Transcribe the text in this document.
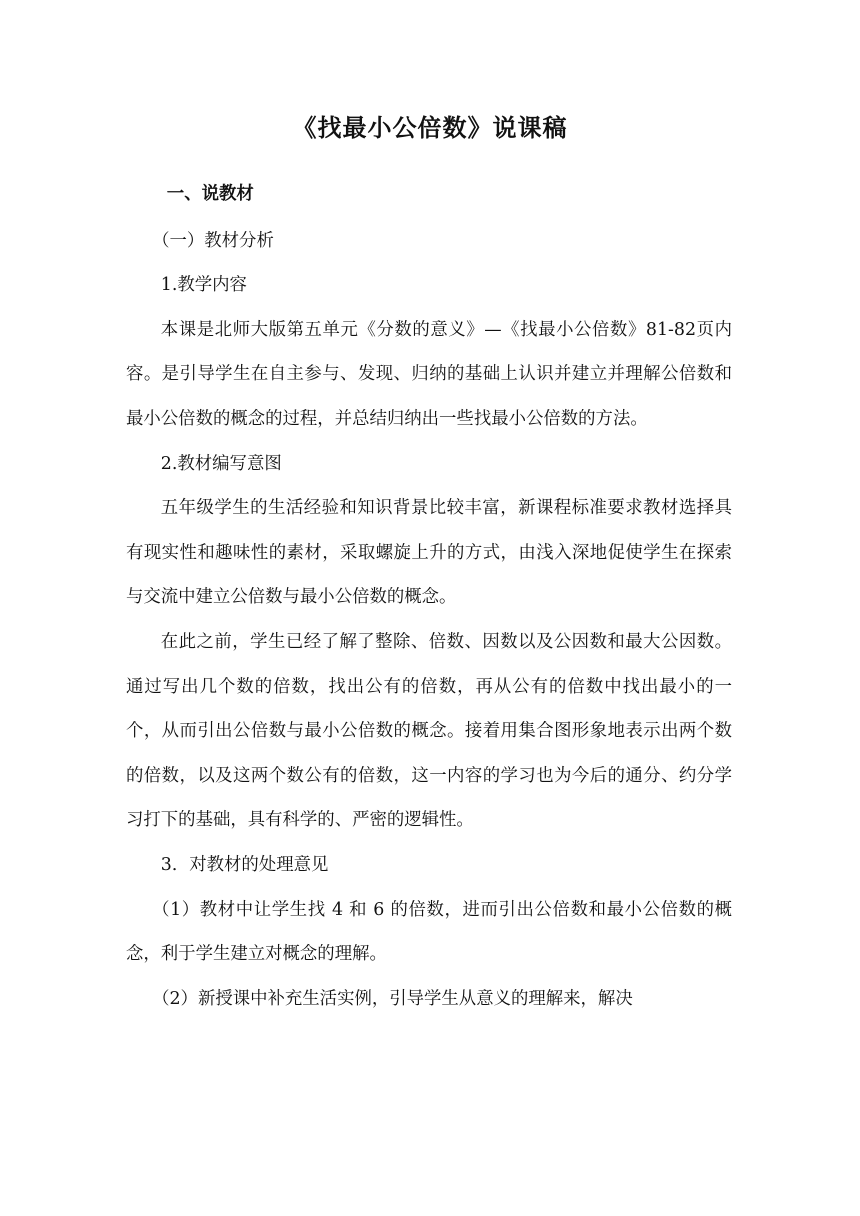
《找最小公倍数》说课稿

一、说教材

（一）教材分析

1.教学内容

本课是北师大版第五单元《分数的意义》—《找最小公倍数》81-82页内容。是引导学生在自主参与、发现、归纳的基础上认识并建立并理解公倍数和最小公倍数的概念的过程，并总结归纳出一些找最小公倍数的方法。

2.教材编写意图

五年级学生的生活经验和知识背景比较丰富，新课程标准要求教材选择具有现实性和趣味性的素材，采取螺旋上升的方式，由浅入深地促使学生在探索与交流中建立公倍数与最小公倍数的概念。

在此之前，学生已经了解了整除、倍数、因数以及公因数和最大公因数。通过写出几个数的倍数，找出公有的倍数，再从公有的倍数中找出最小的一个，从而引出公倍数与最小公倍数的概念。接着用集合图形象地表示出两个数的倍数，以及这两个数公有的倍数，这一内容的学习也为今后的通分、约分学习打下的基础，具有科学的、严密的逻辑性。

3．对教材的处理意见

（1）教材中让学生找 4 和 6 的倍数，进而引出公倍数和最小公倍数的概念，利于学生建立对概念的理解。

（2）新授课中补充生活实例，引导学生从意义的理解来，解决
